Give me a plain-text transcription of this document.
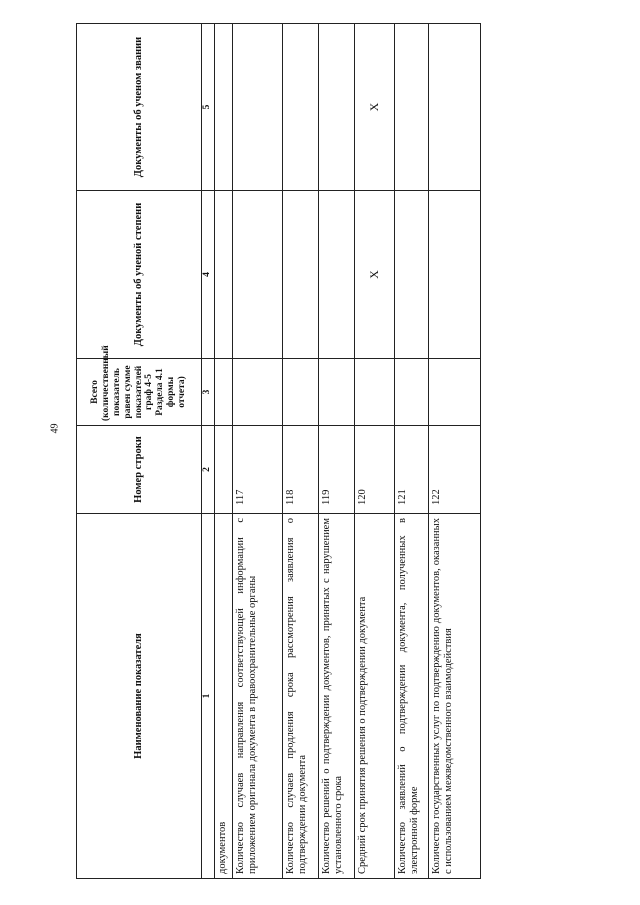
49
Наименование показателя	Номер строки	Всего (количественный показатель равен сумме показателей граф 4-5 Раздела 4.1 формы отчета)	Документы об ученой степени	Документы об ученом звании
1	2	3	4	5
документов				
Количество случаев направления соответствующей информации с приложением оригинала документа в правоохранительные органы	117			
Количество случаев продления срока рассмотрения заявления о подтверждении документа	118			
Количество решений о подтверждении документов, принятых с нарушением установленного срока	119			
Средний срок принятия решения о подтверждении документа	120		X	X
Количество заявлений о подтверждении документа, полученных в электронной форме	121			
Количество государственных услуг по подтверждению документов, оказанных с использованием межведомственного взаимодействия	122			
